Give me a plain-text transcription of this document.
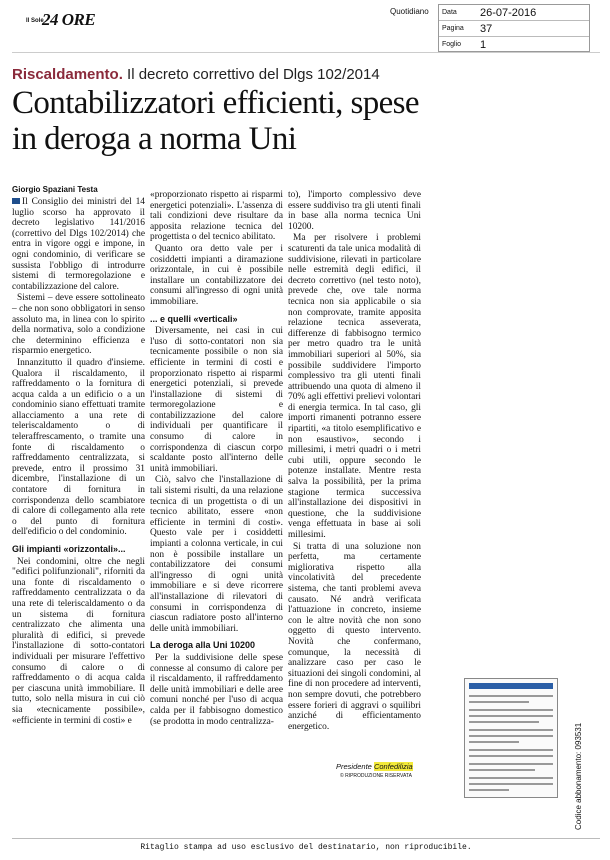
Il Sole
24 ORE	Quotidiano	Data	26-07-2016
Pagina	37
Foglio	1
Riscaldamento. Il decreto correttivo del Dlgs 102/2014
Contabilizzatori efficienti, spese in deroga a norma Uni
Giorgio Spaziani Testa

Il Consiglio dei ministri del 14 luglio scorso ha approvato il decreto legislativo 141/2016 (correttivo del Dlgs 102/2014) che entra in vigore oggi e impone, in ogni condominio, di verificare se sussista l'obbligo di introdurre sistemi di termoregolazione e contabilizzazione del calore.

Sistemi – deve essere sottolineato – che non sono obbligatori in senso assoluto ma, in linea con lo spirito della normativa, solo a condizione che determinino efficienza e risparmio energetico.

Innanzitutto il quadro d'insieme. Qualora il riscaldamento, il raffreddamento o la fornitura di acqua calda a un edificio o a un condominio siano effettuati tramite allacciamento a una rete di teleriscaldamento o di teleraffrescamento, o tramite una fonte di riscaldamento o raffreddamento centralizzata, si prevede, entro il prossimo 31 dicembre, l'installazione di un contatore di fornitura in corrispondenza dello scambiatore di calore di collegamento alla rete o del punto di fornitura dell'edificio o del condominio.

Gli impianti «orizzontali»...

Nei condomini, oltre che negli "edifici polifunzionali", riforniti da una fonte di riscaldamento o raffreddamento centralizzata o da una rete di teleriscaldamento o da un sistema di fornitura centralizzato che alimenta una pluralità di edifici, si prevede l'installazione di sotto-contatori individuali per misurare l'effettivo consumo di calore o di raffreddamento o di acqua calda per ciascuna unità immobiliare. Il tutto, solo nella misura in cui ciò sia «tecnicamente possibile», «efficiente in termini di costi» e

«proporzionato rispetto ai risparmi energetici potenziali». L'assenza di tali condizioni deve risultare da apposita relazione tecnica del progettista o del tecnico abilitato.

Quanto ora detto vale per i cosiddetti impianti a diramazione orizzontale, in cui è possibile installare un contabilizzatore dei consumi all'ingresso di ogni unità immobiliare.

... e quelli «verticali»

Diversamente, nei casi in cui l'uso di sotto-contatori non sia tecnicamente possibile o non sia efficiente in termini di costi e proporzionato rispetto ai risparmi energetici potenziali, si prevede l'installazione di sistemi di termoregolazione e contabilizzazione del calore individuali per quantificare il consumo di calore in corrispondenza di ciascun corpo scaldante posto all'interno delle unità immobiliari.

Ciò, salvo che l'installazione di tali sistemi risulti, da una relazione tecnica di un progettista o di un tecnico abilitato, essere «non efficiente in termini di costi». Questo vale per i cosiddetti impianti a colonna verticale, in cui non è possibile installare un contabilizzatore dei consumi all'ingresso di ogni unità immobiliare e si deve ricorrere all'installazione di rilevatori di consumi in corrispondenza di ciascun radiatore posto all'interno delle unità immobiliari.

La deroga alla Uni 10200

Per la suddivisione delle spese connesse al consumo di calore per il riscaldamento, il raffreddamento delle unità immobiliari e delle aree comuni nonché per l'uso di acqua calda per il fabbisogno domestico (se prodotta in modo centralizza-

to), l'importo complessivo deve essere suddiviso tra gli utenti finali in base alla norma tecnica Uni 10200.

Ma per risolvere i problemi scaturenti da tale unica modalità di suddivisione, rilevati in particolare nelle estremità degli edifici, il decreto correttivo (nel testo noto), prevede che, ove tale norma tecnica non sia applicabile o sia non comprovate, tramite apposita relazione tecnica asseverata, differenze di fabbisogno termico per metro quadro tra le unità immobiliari superiori al 50%, sia possibile suddividere l'importo complessivo tra gli utenti finali attribuendo una quota di almeno il 70% agli effettivi prelievi volontari di energia termica. In tal caso, gli importi rimanenti potranno essere ripartiti, «a titolo esemplificativo e non esaustivo», secondo i millesimi, i metri quadri o i metri cubi utili, oppure secondo le potenze installate. Mentre resta salva la possibilità, per la prima stagione termica successiva all'installazione dei dispositivi in questione, che la suddivisione venga effettuata in base ai soli millesimi.

Si tratta di una soluzione non perfetta, ma certamente migliorativa rispetto alla vincolatività del precedente sistema, che tanti problemi aveva causato. Né andrà verificata l'attuazione in concreto, insieme con le altre novità che non sono oggetto di questo intervento. Novità che confermano, comunque, la necessità di analizzare caso per caso le situazioni dei singoli condomini, al fine di non procedere ad interventi, non sempre dovuti, che potrebbero essere forieri di aggravi o squilibri anziché di efficientamento energetico.

Presidente Confedilizia
© RIPRODUZIONE RISERVATA	Codice abbonamento: 093531
Ritaglio stampa ad uso esclusivo del destinatario, non riproducibile.
